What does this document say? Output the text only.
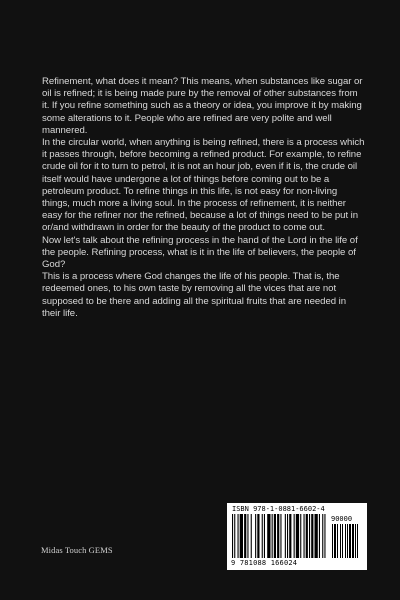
Refinement, what does it mean? This means, when substances like sugar or oil is refined; it is being made pure by the removal of other substances from it. If you refine something such as a theory or idea, you improve it by making some alterations to it. People who are refined are very polite and well mannered.

In the circular world, when anything is being refined, there is a process which it passes through, before becoming a refined product. For example, to refine crude oil for it to turn to petrol, it is not an hour job, even if it is, the crude oil itself would have undergone a lot of things before coming out to be a petroleum product. To refine things in this life, is not easy for non-living things, much more a living soul. In the process of refinement, it is neither easy for the refiner nor the refined, because a lot of things need to be put in or/and withdrawn in order for the beauty of the product to come out.

Now let's talk about the refining process in the hand of the Lord in the life of the people. Refining process, what is it in the life of believers, the people of God?

This is a process where God changes the life of his people. That is, the redeemed ones, to his own taste by removing all the vices that are not supposed to be there and adding all the spiritual fruits that are needed in their life.

Midas Touch GEMS
ISBN 978-1-0881-6602-4
90000
9 781088 166024
